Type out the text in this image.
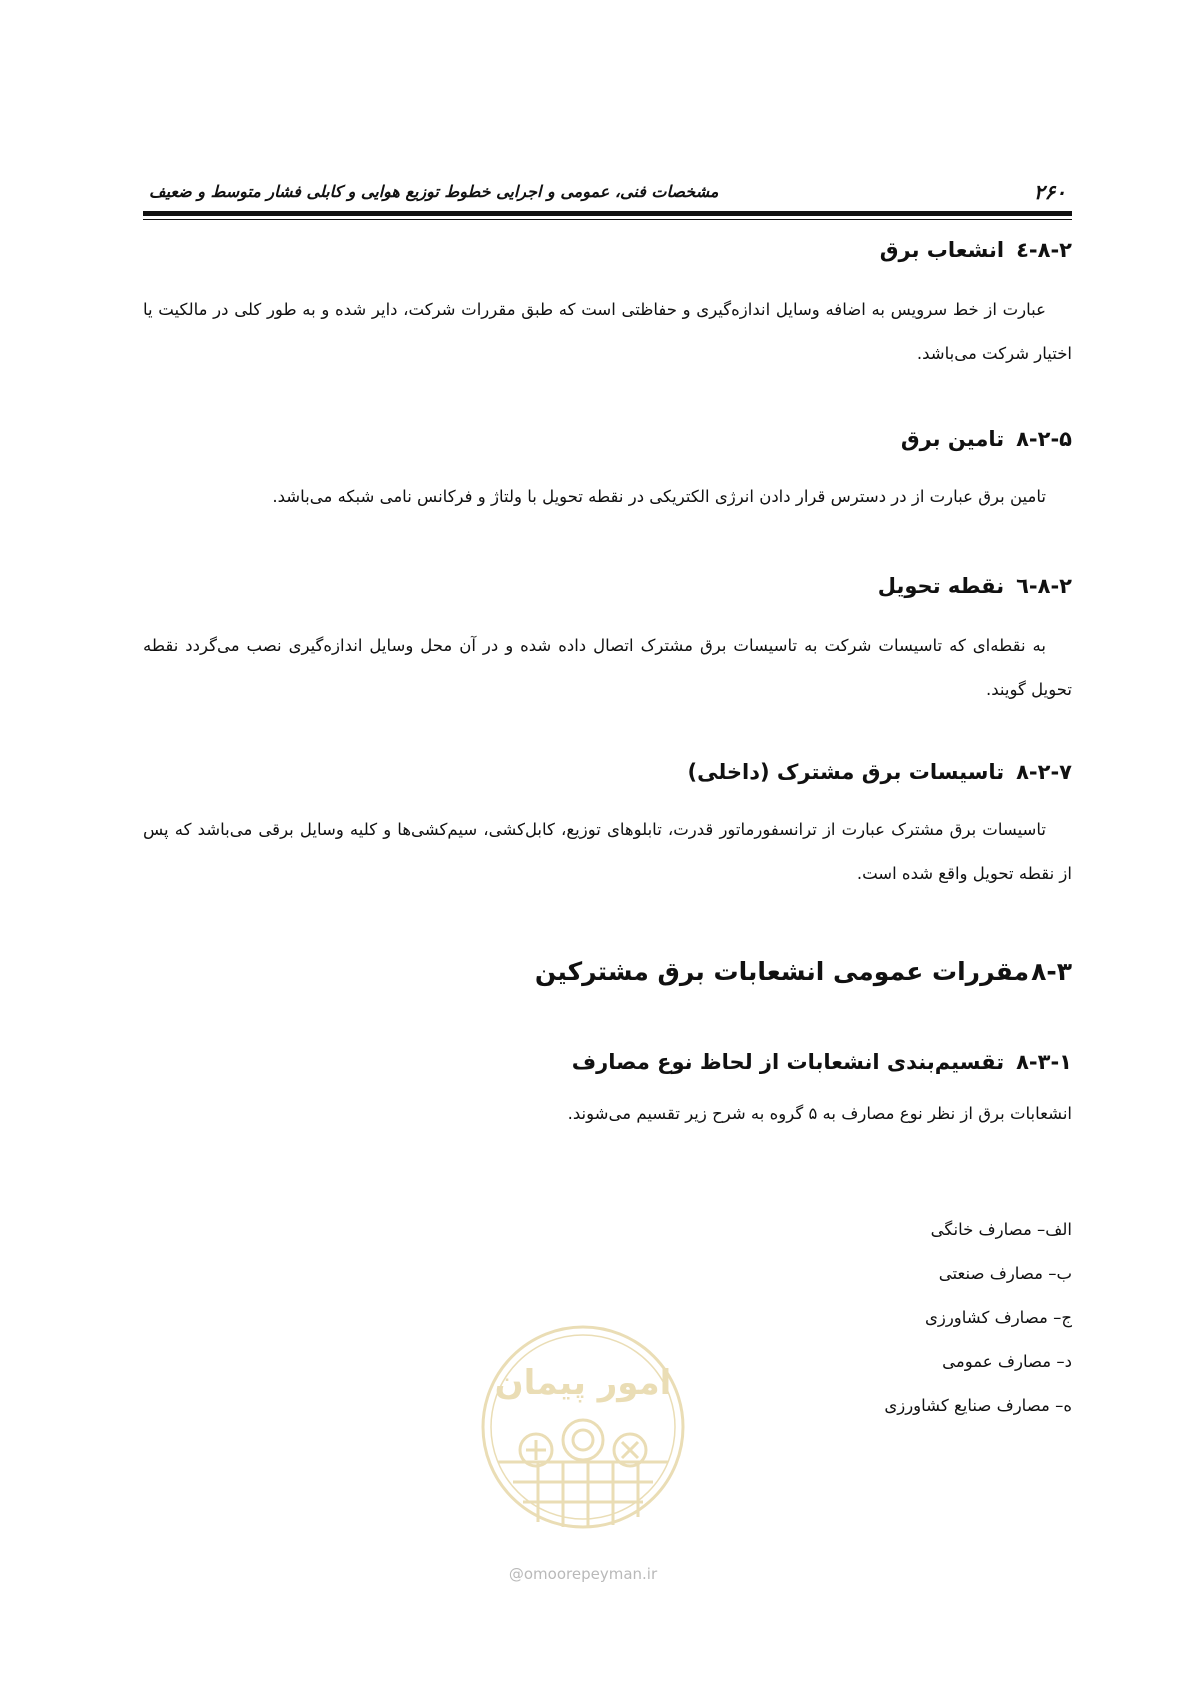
۲۶۰
مشخصات فنی، عمومی و اجرایی خطوط توزیع هوایی و کابلی فشار متوسط و ضعیف
۸-۲-٤انشعاب برق

عبارت از خط سرویس به اضافه وسایل اندازه‌گیری و حفاظتی است که طبق مقررات شرکت، دایر شده و به طور کلی در مالکیت یا اختیار شرکت می‌باشد.

۸-۲-۵تامین برق

تامین برق عبارت از در دسترس قرار دادن انرژی الکتریکی در نقطه تحویل با ولتاژ و فرکانس نامی شبکه می‌باشد.

۸-۲-٦نقطه تحویل

به نقطه‌ای که تاسیسات شرکت به تاسیسات برق مشترک اتصال داده شده و در آن محل وسایل اندازه‌گیری نصب می‌گردد نقطه تحویل گویند.

۸-۲-۷تاسیسات برق مشترک (داخلی)

تاسیسات برق مشترک عبارت از ترانسفورماتور قدرت، تابلوهای توزیع، کابل‌کشی، سیم‌کشی‌ها و کلیه وسایل برقی می‌باشد که پس از نقطه تحویل واقع شده است.

۸-۳مقررات عمومی انشعابات برق مشترکین
۸-۳-۱تقسیم‌بندی انشعابات از لحاظ نوع مصارف

انشعابات برق از نظر نوع مصارف به ۵ گروه به شرح زیر تقسیم می‌شوند.

الف– مصارف خانگی
ب– مصارف صنعتی
ج– مصارف کشاورزی
د– مصارف عمومی
ه– مصارف صنایع کشاورزی
امور پیمان
@omoorepeyman.ir
